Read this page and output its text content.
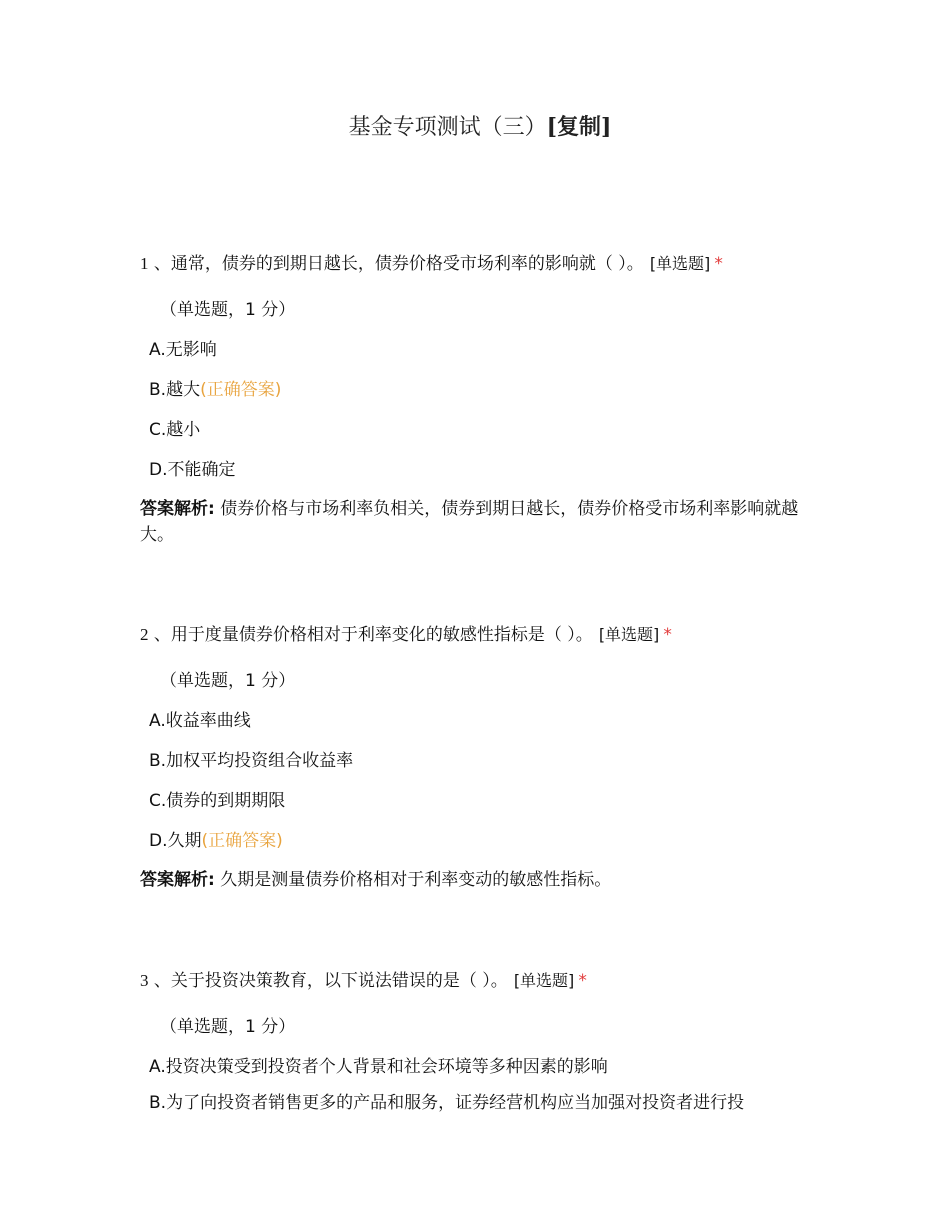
基金专项测试（三）[复制]
1 、通常，债券的到期日越长，债券价格受市场利率的影响就（ ）。 [单选题] *
（单选题，1 分）
A.无影响
B.越大(正确答案)
C.越小
D.不能确定
答案解析: 债券价格与市场利率负相关，债券到期日越长，债券价格受市场利率影响就越大。
2 、用于度量债券价格相对于利率变化的敏感性指标是（ ）。 [单选题] *
（单选题，1 分）
A.收益率曲线
B.加权平均投资组合收益率
C.债券的到期期限
D.久期(正确答案)
答案解析: 久期是测量债券价格相对于利率变动的敏感性指标。
3 、关于投资决策教育，以下说法错误的是（ ）。 [单选题] *
（单选题，1 分）
A.投资决策受到投资者个人背景和社会环境等多种因素的影响
B.为了向投资者销售更多的产品和服务，证券经营机构应当加强对投资者进行投
